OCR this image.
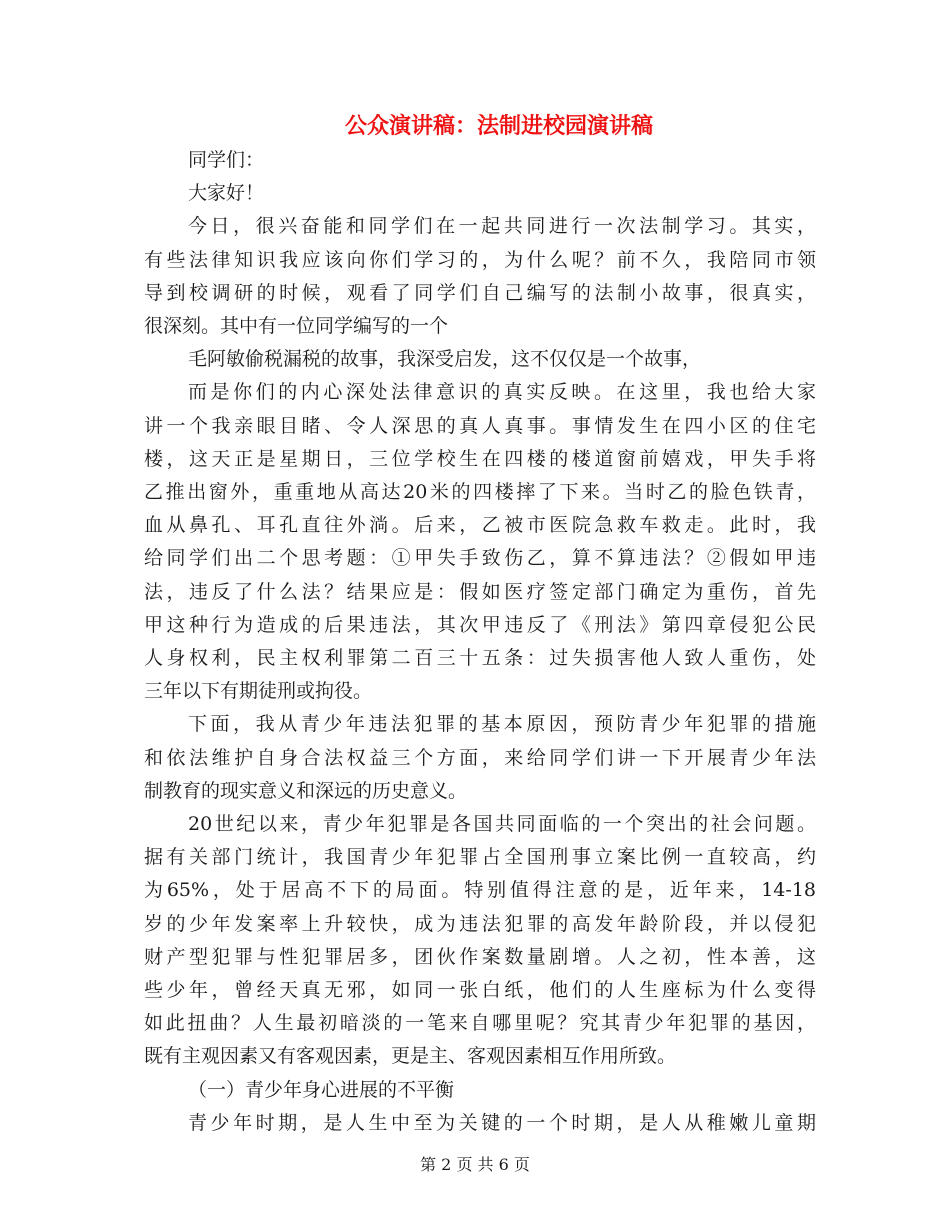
公众演讲稿：法制进校园演讲稿
同学们：
大家好！
今日，很兴奋能和同学们在一起共同进行一次法制学习。其实，
有些法律知识我应该向你们学习的，为什么呢？前不久，我陪同市领
导到校调研的时候，观看了同学们自己编写的法制小故事，很真实，
很深刻。其中有一位同学编写的一个
毛阿敏偷税漏税的故事，我深受启发，这不仅仅是一个故事，
而是你们的内心深处法律意识的真实反映。在这里，我也给大家
讲一个我亲眼目睹、令人深思的真人真事。事情发生在四小区的住宅
楼，这天正是星期日，三位学校生在四楼的楼道窗前嬉戏，甲失手将
乙推出窗外，重重地从高达20米的四楼摔了下来。当时乙的脸色铁青，
血从鼻孔、耳孔直往外淌。后来，乙被市医院急救车救走。此时，我
给同学们出二个思考题：①甲失手致伤乙，算不算违法？②假如甲违
法，违反了什么法？结果应是：假如医疗签定部门确定为重伤，首先
甲这种行为造成的后果违法，其次甲违反了《刑法》第四章侵犯公民
人身权利，民主权利罪第二百三十五条：过失损害他人致人重伤，处
三年以下有期徒刑或拘役。
下面，我从青少年违法犯罪的基本原因，预防青少年犯罪的措施
和依法维护自身合法权益三个方面，来给同学们讲一下开展青少年法
制教育的现实意义和深远的历史意义。
20世纪以来，青少年犯罪是各国共同面临的一个突出的社会问题。
据有关部门统计，我国青少年犯罪占全国刑事立案比例一直较高，约
为65%，处于居高不下的局面。特别值得注意的是，近年来，14-18
岁的少年发案率上升较快，成为违法犯罪的高发年龄阶段，并以侵犯
财产型犯罪与性犯罪居多，团伙作案数量剧增。人之初，性本善，这
些少年，曾经天真无邪，如同一张白纸，他们的人生座标为什么变得
如此扭曲？人生最初暗淡的一笔来自哪里呢？究其青少年犯罪的基因，
既有主观因素又有客观因素，更是主、客观因素相互作用所致。
（一）青少年身心进展的不平衡
青少年时期，是人生中至为关键的一个时期，是人从稚嫩儿童期
第 2 页 共 6 页
